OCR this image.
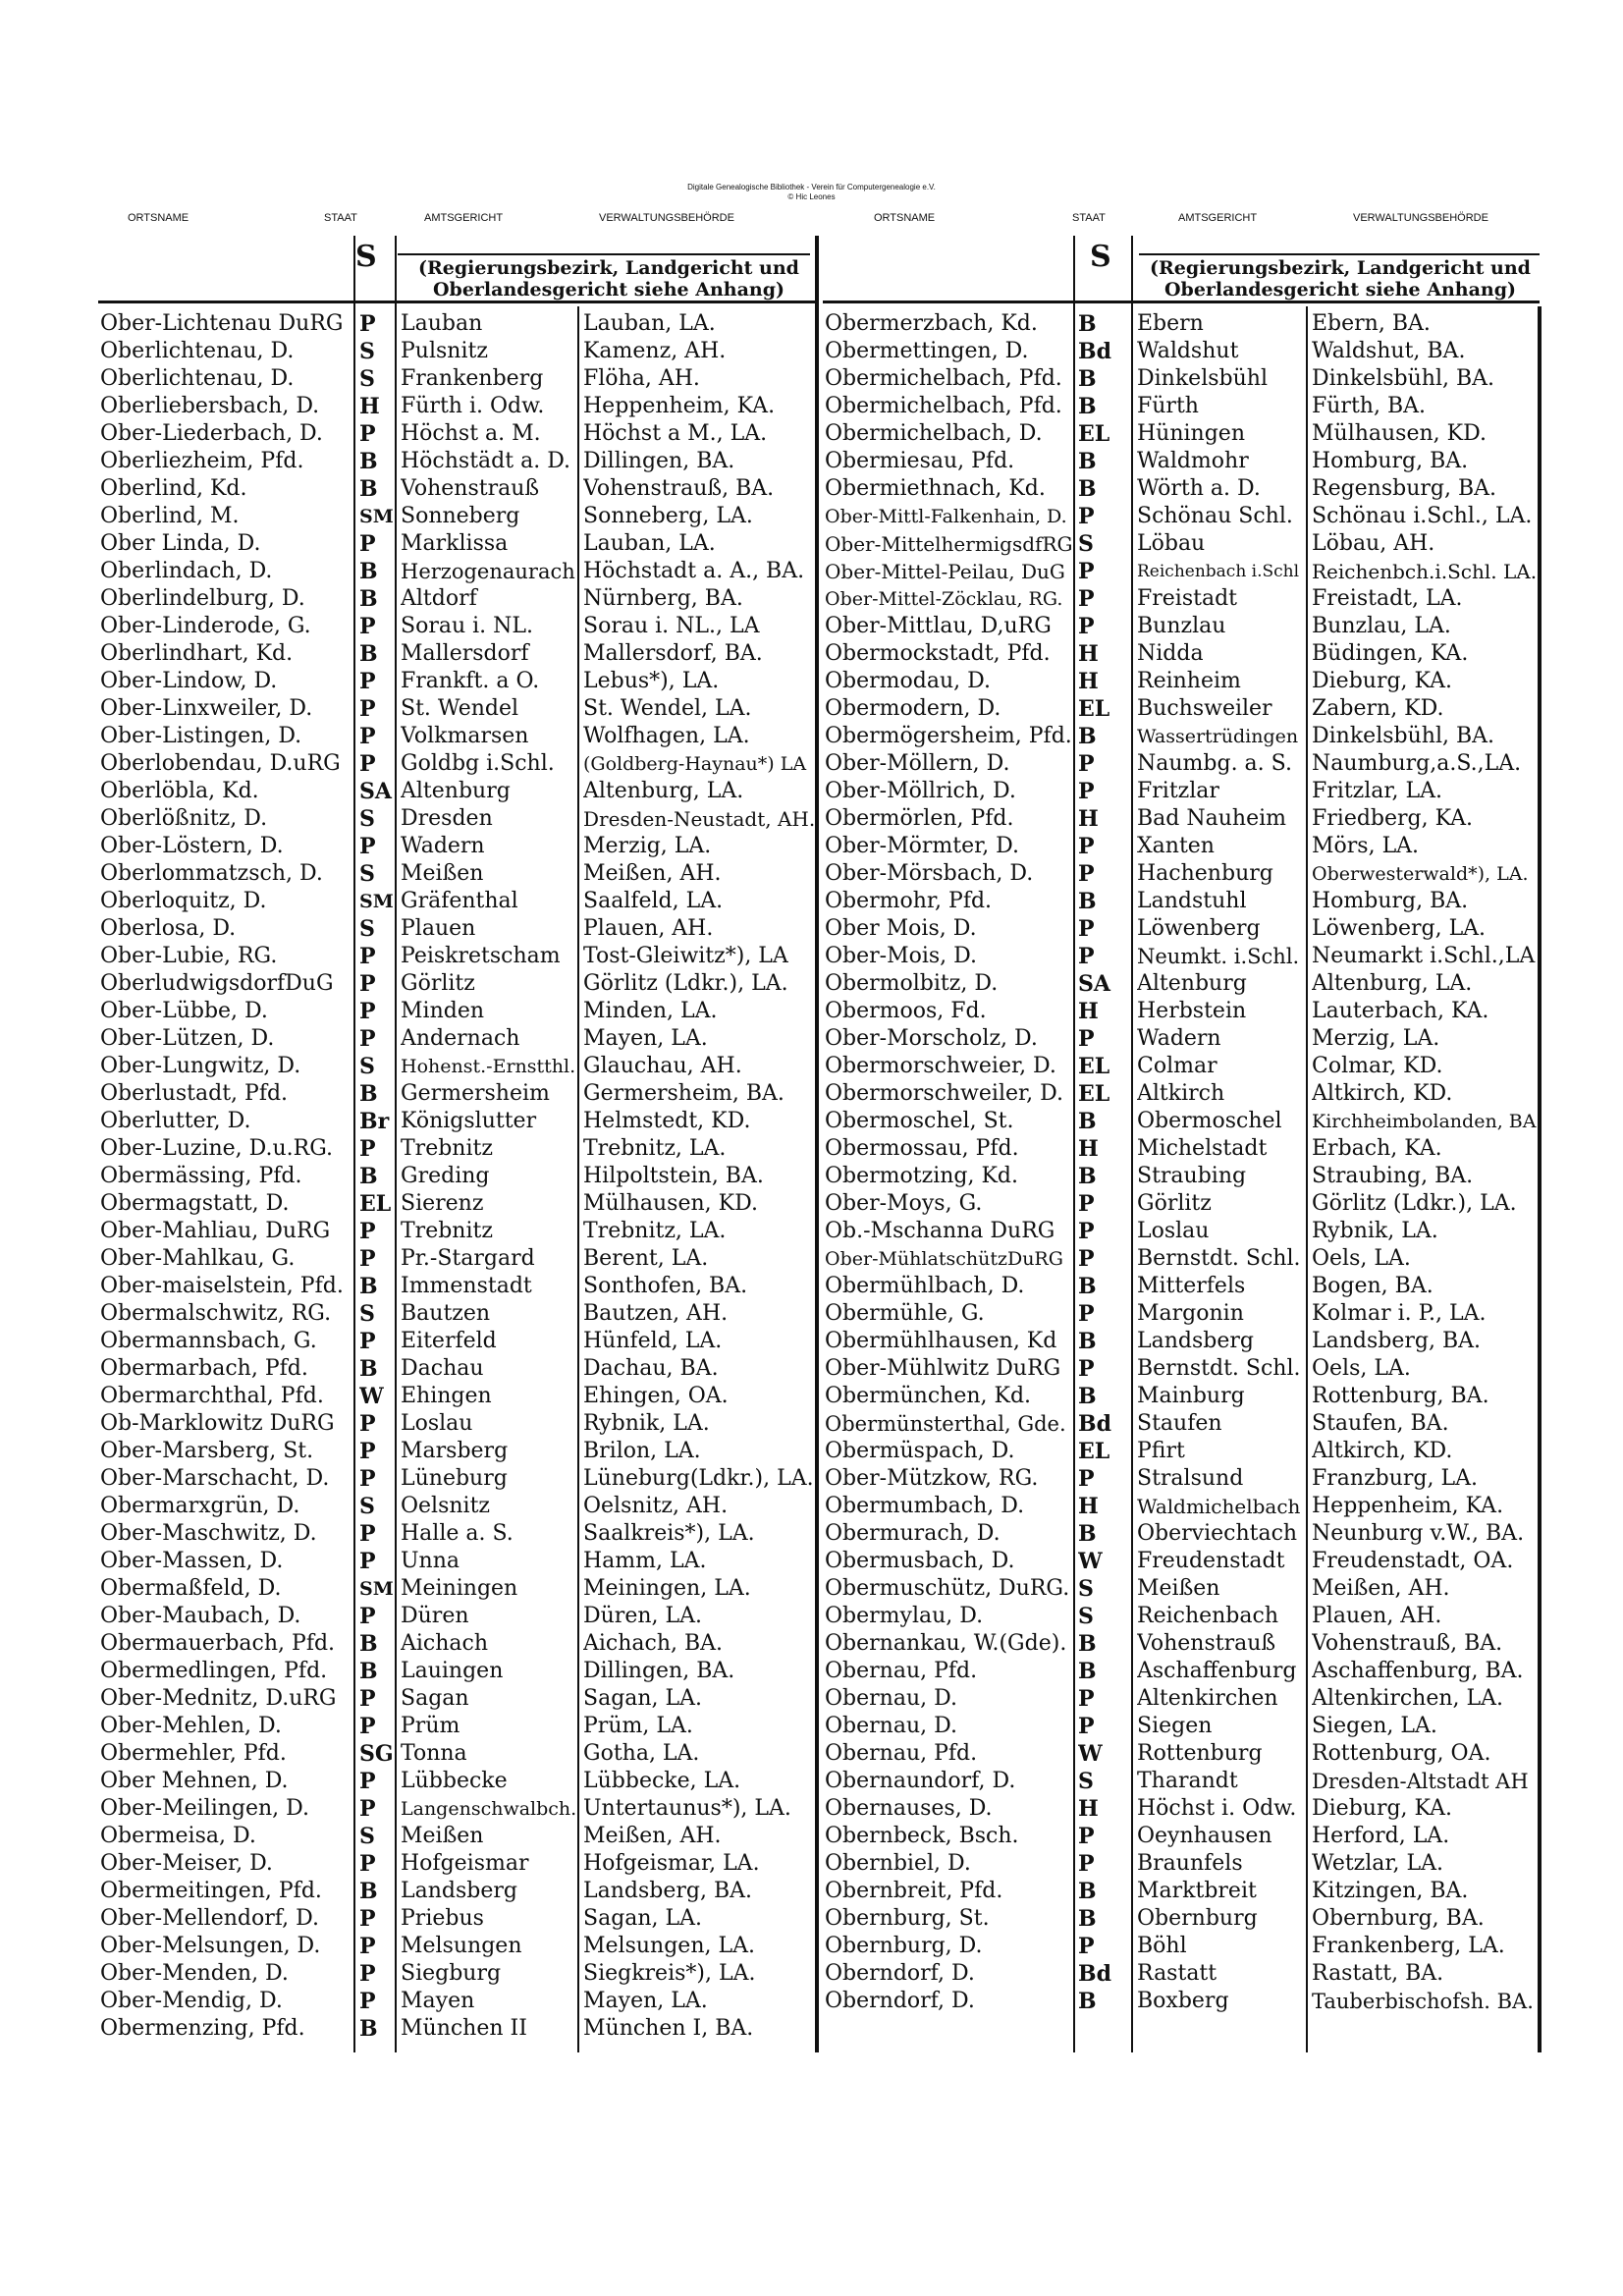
Digitale Genealogische Bibliothek - Verein für Computergenealogie e.V.
© Hic Leones
ORTSNAME	STAAT	AMTSGERICHT	VERWALTUNGSBEHÖRDE	ORTSNAME	STAAT	AMTSGERICHT	VERWALTUNGSBEHÖRDE
S	S
(Regierungsbezirk, Landgericht und Oberlandesgericht siehe Anhang)
(Regierungsbezirk, Landgericht und Oberlandesgericht siehe Anhang)
Ober-Lichtenau DuRG P	Lauban	Lauban, LA.
Oberlichtenau, D.	S	Pulsnitz	Kamenz, AH.
Oberlichtenau, D.	S	Frankenberg	Flöha, AH.
Oberliebersbach, D.	H Fürth i. Odw.	Heppenheim, KA.
Ober-Liederbach, D.	P	Höchst a. M.	Höchst a M., LA.
Oberliezheim, Pfd.	B	Höchstädt a. D. Dillingen, BA.
Oberlind, Kd.	B	Vohenstrauß	Vohenstrauß, BA.
Oberlind, M.	SM Sonneberg	Sonneberg, LA.
Ober Linda, D.	P	Marklissa	Lauban, LA.
Oberlindach, D.	B	Herzogenaurach Höchstadt a. A., BA.
Oberlindelburg, D.	B	Altdorf	Nürnberg, BA.
Ober-Linderode, G.	P	Sorau i. NL.	Sorau i. NL., LA
Oberlindhart, Kd.	B	Mallersdorf	Mallersdorf, BA.
Ober-Lindow, D.	P	Frankft. a O.	Lebus*), LA.
Ober-Linxweiler, D.	P	St. Wendel	St. Wendel, LA.
Ober-Listingen, D.	P	Volkmarsen	Wolfhagen, LA.
Oberlobendau, D.uRG P	Goldbg i.Schl.	(Goldberg-Haynau*) LA
Oberlöbla, Kd.	SA Altenburg	Altenburg, LA.
Oberlößnitz, D.	S	Dresden	Dresden-Neustadt, AH.
Ober-Löstern, D.	P	Wadern	Merzig, LA.
Oberlommatzsch, D.	S	Meißen	Meißen, AH.
Oberloquitz, D.	SM Gräfenthal	Saalfeld, LA.
Oberlosa, D.	S	Plauen	Plauen, AH.
Ober-Lubie, RG.	P	Peiskretscham	Tost-Gleiwitz*), LA
OberludwigsdorfDuG	P	Görlitz	Görlitz (Ldkr.), LA.
Ober-Lübbe, D.	P	Minden	Minden, LA.
Ober-Lützen, D.	P	Andernach	Mayen, LA.
Ober-Lungwitz, D.	S	Hohenst.-Ernstthl. Glauchau, AH.
Oberlustadt, Pfd.	B	Germersheim	Germersheim, BA.
Oberlutter, D.	Br Königslutter	Helmstedt, KD.
Ober-Luzine, D.u.RG.	P	Trebnitz	Trebnitz, LA.
Obermässing, Pfd.	B	Greding	Hilpoltstein, BA.
Obermagstatt, D.	EL Sierenz	Mülhausen, KD.
Ober-Mahliau, DuRG	P	Trebnitz	Trebnitz, LA.
Ober-Mahlkau, G.	P	Pr.-Stargard	Berent, LA.
Ober-maiselstein, Pfd. B	Immenstadt	Sonthofen, BA.
Obermalschwitz, RG.	S	Bautzen	Bautzen, AH.
Obermannsbach, G.	P	Eiterfeld	Hünfeld, LA.
Obermarbach, Pfd.	B	Dachau	Dachau, BA.
Obermarchthal, Pfd.	W Ehingen	Ehingen, OA.
Ob-Marklowitz DuRG	P	Loslau	Rybnik, LA.
Ober-Marsberg, St.	P	Marsberg	Brilon, LA.
Ober-Marschacht, D.	P	Lüneburg	Lüneburg(Ldkr.), LA.
Obermarxgrün, D.	S	Oelsnitz	Oelsnitz, AH.
Ober-Maschwitz, D.	P	Halle a. S.	Saalkreis*), LA.
Ober-Massen, D.	P	Unna	Hamm, LA.
Obermaßfeld, D.	SM Meiningen	Meiningen, LA.
Ober-Maubach, D.	P	Düren	Düren, LA.
Obermauerbach, Pfd.	B	Aichach	Aichach, BA.
Obermedlingen, Pfd.	B	Lauingen	Dillingen, BA.
Ober-Mednitz, D.uRG	P	Sagan	Sagan, LA.
Ober-Mehlen, D.	P	Prüm	Prüm, LA.
Obermehler, Pfd.	SG Tonna	Gotha, LA.
Ober Mehnen, D.	P	Lübbecke	Lübbecke, LA.
Ober-Meilingen, D.	P	Langenschwalbch. Untertaunus*), LA.
Obermeisa, D.	S	Meißen	Meißen, AH.
Ober-Meiser, D.	P	Hofgeismar	Hofgeismar, LA.
Obermeitingen, Pfd.	B	Landsberg	Landsberg, BA.
Ober-Mellendorf, D.	P	Priebus	Sagan, LA.
Ober-Melsungen, D.	P	Melsungen	Melsungen, LA.
Ober-Menden, D.	P	Siegburg	Siegkreis*), LA.
Ober-Mendig, D.	P	Mayen	Mayen, LA.
Obermenzing, Pfd.	B	München II	München I, BA.
Obermerzbach, Kd.	B	Ebern	Ebern, BA.
Obermettingen, D.	Bd	Waldshut	Waldshut, BA.
Obermichelbach, Pfd. B	Dinkelsbühl	Dinkelsbühl, BA.
Obermichelbach, Pfd. B	Fürth	Fürth, BA.
Obermichelbach, D.	EL	Hüningen	Mülhausen, KD.
Obermiesau, Pfd.	B	Waldmohr	Homburg, BA.
Obermiethnach, Kd.	B	Wörth a. D.	Regensburg, BA.
Ober-Mittl-Falkenhain, D. P	Schönau Schl. Schönau i.Schl., LA.
Ober-MittelhermigsdfRG S	Löbau	Löbau, AH.
Ober-Mittel-Peilau, DuG P	Reichenbach i.Schl Reichenbch.i.Schl. LA.
Ober-Mittel-Zöcklau, RG. P	Freistadt	Freistadt, LA.
Ober-Mittlau, D,uRG	P	Bunzlau	Bunzlau, LA.
Obermockstadt, Pfd.	H	Nidda	Büdingen, KA.
Obermodau, D.	H	Reinheim	Dieburg, KA.
Obermodern, D.	EL	Buchsweiler	Zabern, KD.
Obermögersheim, Pfd. B	Wassertrüdingen Dinkelsbühl, BA.
Ober-Möllern, D.	P	Naumbg. a. S. Naumburg,a.S.,LA.
Ober-Möllrich, D.	P	Fritzlar	Fritzlar, LA.
Obermörlen, Pfd.	H	Bad Nauheim	Friedberg, KA.
Ober-Mörmter, D.	P	Xanten	Mörs, LA.
Ober-Mörsbach, D.	P	Hachenburg	Oberwesterwald*), LA.
Obermohr, Pfd.	B	Landstuhl	Homburg, BA.
Ober Mois, D.	P	Löwenberg	Löwenberg, LA.
Ober-Mois, D.	P	Neumkt. i.Schl. Neumarkt i.Schl.,LA
Obermolbitz, D.	SA	Altenburg	Altenburg, LA.
Obermoos, Fd.	H	Herbstein	Lauterbach, KA.
Ober-Morscholz, D.	P	Wadern	Merzig, LA.
Obermorschweier, D.	EL	Colmar	Colmar, KD.
Obermorschweiler, D. EL	Altkirch	Altkirch, KD.
Obermoschel, St.	B	Obermoschel	Kirchheimbolanden, BA
Obermossau, Pfd.	H	Michelstadt	Erbach, KA.
Obermotzing, Kd.	B	Straubing	Straubing, BA.
Ober-Moys, G.	P	Görlitz	Görlitz (Ldkr.), LA.
Ob.-Mschanna DuRG	P	Loslau	Rybnik, LA.
Ober-MühlatschützDuRG P	Bernstdt. Schl. Oels, LA.
Obermühlbach, D.	B	Mitterfels	Bogen, BA.
Obermühle, G.	P	Margonin	Kolmar i. P., LA.
Obermühlhausen, Kd B	Landsberg	Landsberg, BA.
Ober-Mühlwitz DuRG P	Bernstdt. Schl. Oels, LA.
Obermünchen, Kd.	B	Mainburg	Rottenburg, BA.
Obermünsterthal, Gde. Bd	Staufen	Staufen, BA.
Obermüspach, D.	EL	Pfirt	Altkirch, KD.
Ober-Mützkow, RG.	P	Stralsund	Franzburg, LA.
Obermumbach, D.	H	Waldmichelbach Heppenheim, KA.
Obermurach, D.	B	Oberviechtach Neunburg v.W., BA.
Obermusbach, D.	W	Freudenstadt	Freudenstadt, OA.
Obermuschütz, DuRG. S	Meißen	Meißen, AH.
Obermylau, D.	S	Reichenbach	Plauen, AH.
Obernankau, W.(Gde). B	Vohenstrauß	Vohenstrauß, BA.
Obernau, Pfd.	B	Aschaffenburg Aschaffenburg, BA.
Obernau, D.	P	Altenkirchen	Altenkirchen, LA.
Obernau, D.	P	Siegen	Siegen, LA.
Obernau, Pfd.	W	Rottenburg	Rottenburg, OA.
Obernaundorf, D.	S	Tharandt	Dresden-Altstadt AH
Obernauses, D.	H	Höchst i. Odw. Dieburg, KA.
Obernbeck, Bsch.	P	Oeynhausen	Herford, LA.
Obernbiel, D.	P	Braunfels	Wetzlar, LA.
Obernbreit, Pfd.	B	Marktbreit	Kitzingen, BA.
Obernburg, St.	B	Obernburg	Obernburg, BA.
Obernburg, D.	P	Böhl	Frankenberg, LA.
Oberndorf, D.	Bd	Rastatt	Rastatt, BA.
Oberndorf, D.	B	Boxberg	Tauberbischofsh. BA.
